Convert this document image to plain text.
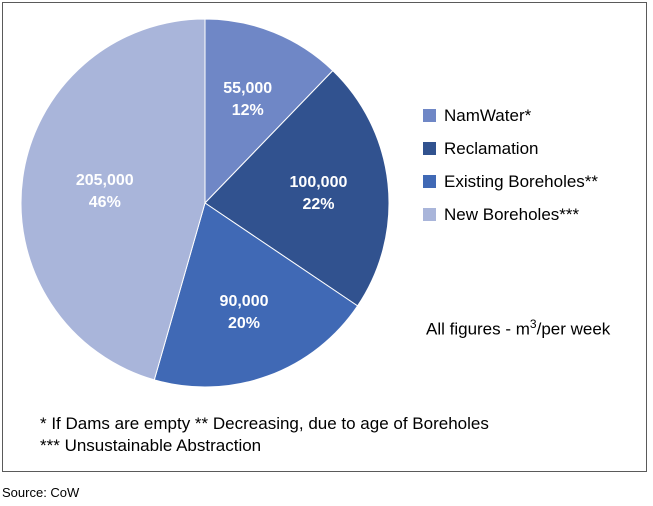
55,000
12%
100,000
22%
90,000
20%
205,000
46%
NamWater*
Reclamation
Existing Boreholes**
New Boreholes***
All figures - $m^3$/per week
* If Dams are empty ** Decreasing, due to age of Boreholes
*** Unsustainable Abstraction
Source: CoW
